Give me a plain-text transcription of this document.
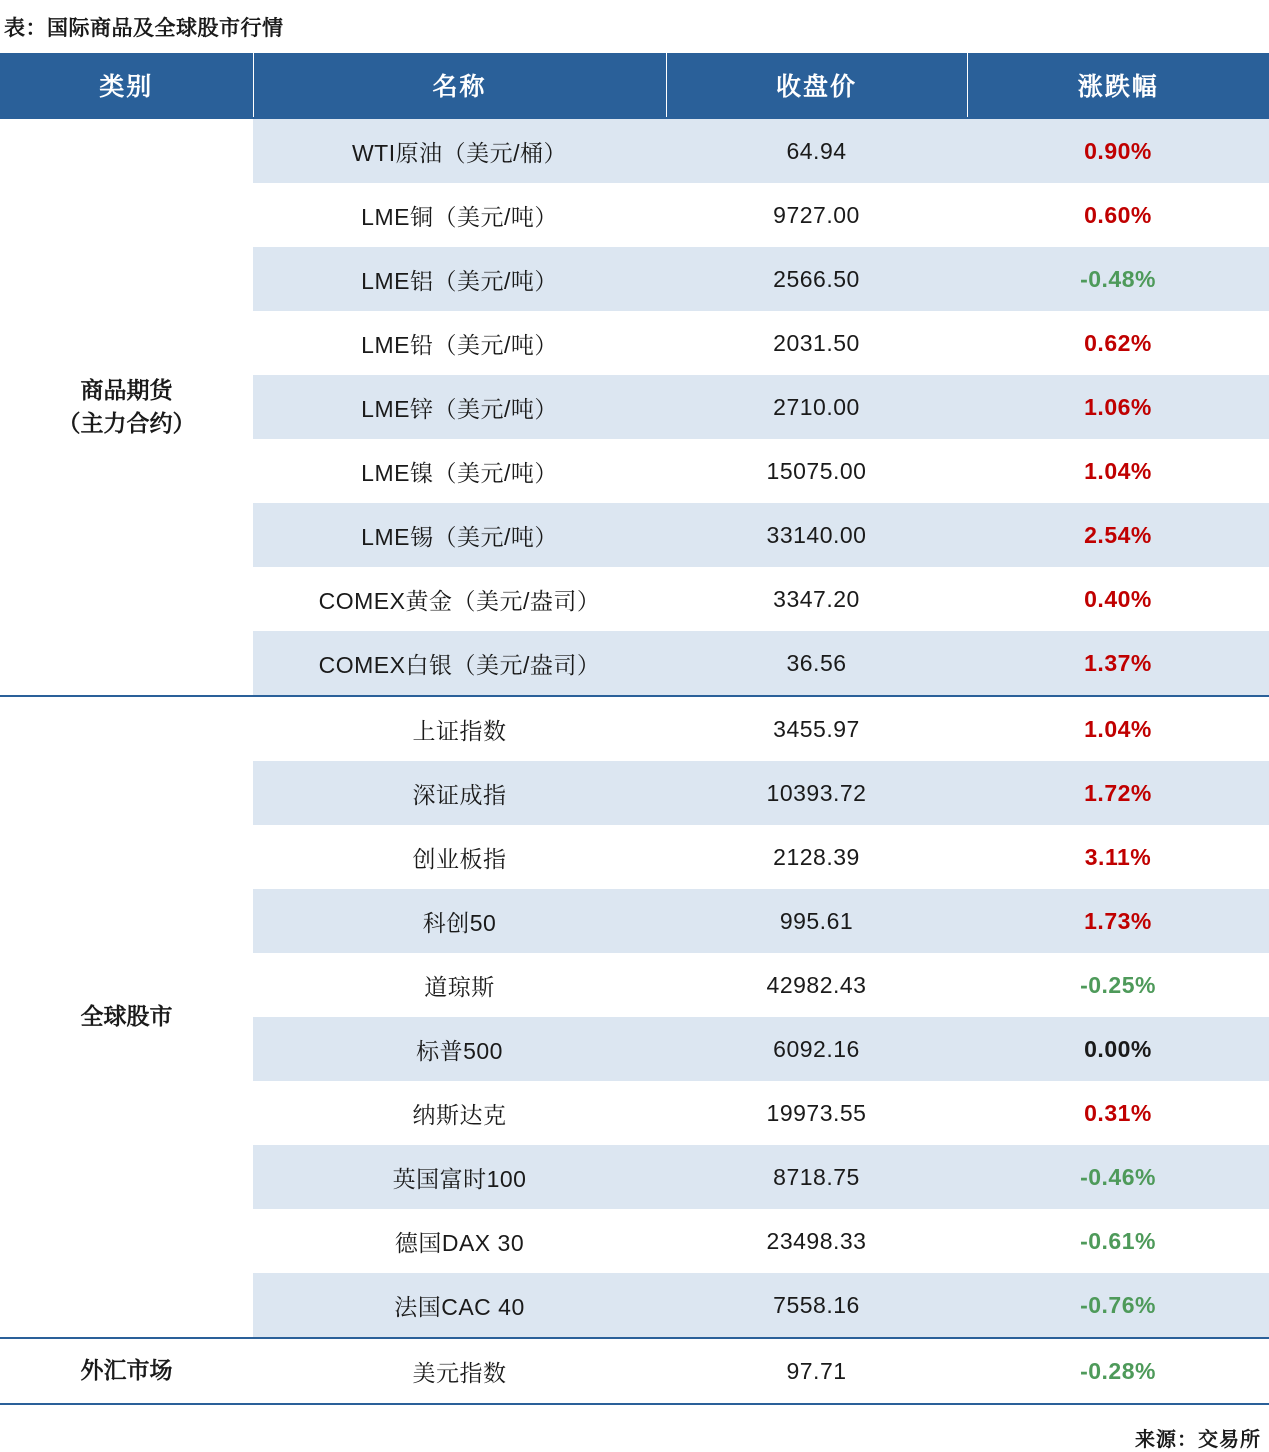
表：国际商品及全球股市行情
类别	名称	收盘价	涨跌幅

商品期货
（主力合约）	WTI原油（美元/桶）	64.94	0.90%
	LME铜（美元/吨）	9727.00	0.60%
	LME铝（美元/吨）	2566.50	-0.48%
	LME铅（美元/吨）	2031.50	0.62%
	LME锌（美元/吨）	2710.00	1.06%
	LME镍（美元/吨）	15075.00	1.04%
	LME锡（美元/吨）	33140.00	2.54%
	COMEX黄金（美元/盎司）	3347.20	0.40%
	COMEX白银（美元/盎司）	36.56	1.37%

全球股市	上证指数	3455.97	1.04%
	深证成指	10393.72	1.72%
	创业板指	2128.39	3.11%
	科创50	995.61	1.73%
	道琼斯	42982.43	-0.25%
	标普500	6092.16	0.00%
	纳斯达克	19973.55	0.31%
	英国富时100	8718.75	-0.46%
	德国DAX 30	23498.33	-0.61%
	法国CAC 40	7558.16	-0.76%

外汇市场	美元指数	97.71	-0.28%
来源：交易所
